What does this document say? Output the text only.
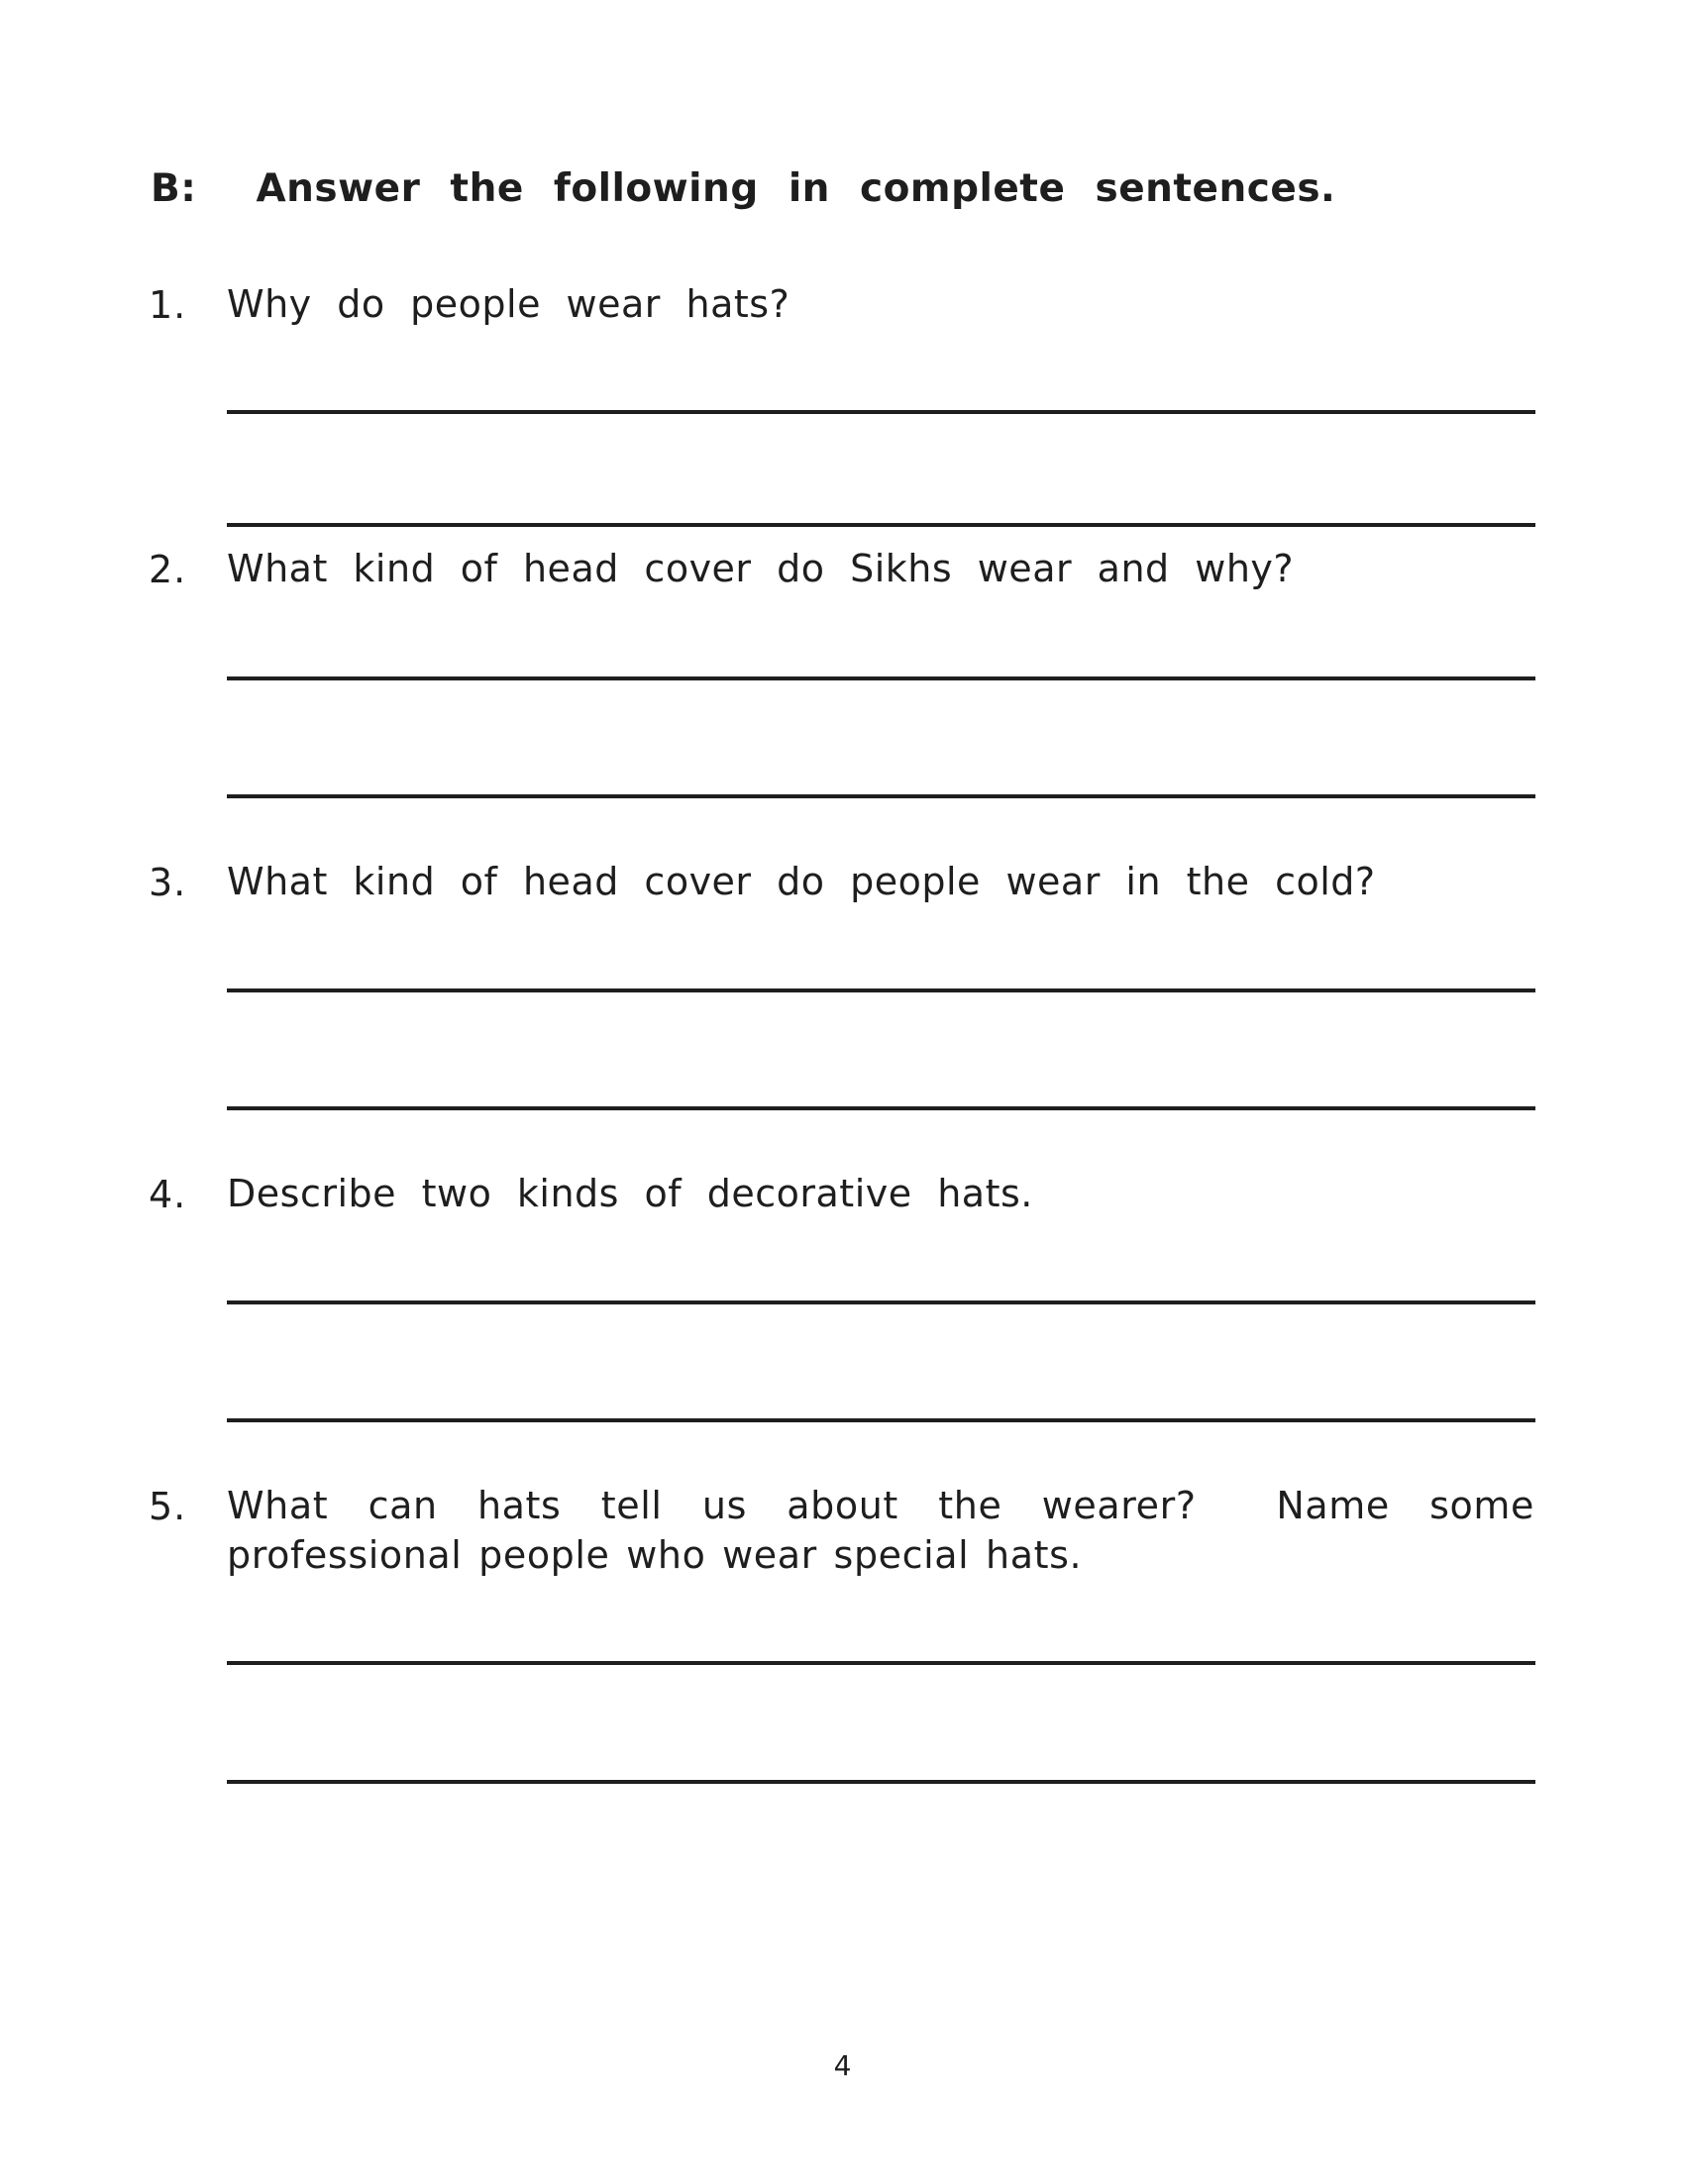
B:  Answer the following in complete sentences.
1. Why do people wear hats?
2. What kind of head cover do Sikhs wear and why?
3. What kind of head cover do people wear in the cold?
4. Describe two kinds of decorative hats.
5. What can hats tell us about the wearer?  Name some professional people who wear special hats.
4
